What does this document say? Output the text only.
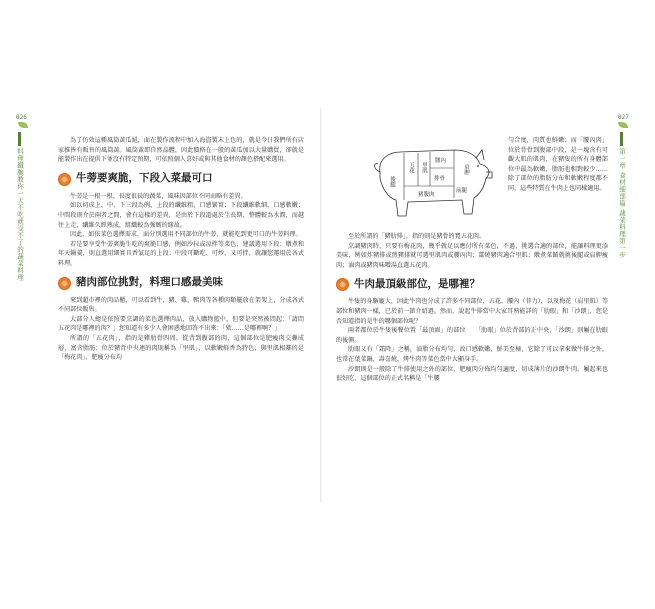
026
料理鐵腕教你一天不吃就受不了的蔬菜料理

為了仿效這種風筒黃瓜絕，面在製作流程中加入海盜製末上色的，就是今日我們所有店家推皆有販售的風筒黃。風筒黃即自然晶體，因此價格在一般的黃瓜加以大量購買，卻就是能製作出在提供下並沒有特定預期，可依照個人喜好或與其他食材的顏色搭配來選用。

牛蒡要爽脆，下段入菜最可口

牛蒡是一根一根、長度很長的蔬菜，風味因部位不同而略有差異。

如以切成上、中、下三段為例，上段的纖維粗，口感緊實；下段纖維軟細，口感軟嫩；中間段則介於兩者之間，會有這樣的差異，是由於下段還處於生長期，整體較為水潤，而越往上走，纖維久經熟成，組織較為強韌的緣故。

因此，如依菜色選擇需求，面分別選用不同部位的牛蒡，就能吃到更可口的牛蒡料理。

若是要享受牛蒡爽脆生吃的爽脆口感，例如沙拉或涼拌等菜色，建議選用下段；燉煮和年天鍋羹，則直選用細實具香氣足的上段；中段可斷吃、可炒、又可拌，就讓您運用於各式料理。

豬肉部位挑對，料理口感最美味

來到超市裡的肉品櫃，可以看到牛、豬、雞、鴨肉等各種肉類擺放在架架上，分成各式不同部位販售。

大部分人總是依照要烹調的菜色選擇肉品，放入購物籃中，但要是突然被問起：「請問五花肉是哪裡的肉？」您知道有多少人會困惑地回答不出來：「欸……是哪裡啊？」

所謂的「五花肉」，指的是豬肋骨四周，從背到腹部的肉，這個部位是肥瘦肉交疊成層，富含脂肪；位於豬背中央連的肉則稱為「里肌」，以軟嫩鮮香為特色；與里肌相鄰的是「梅花肉」，肥瘦分布均

027
第一章 食材細部篇 蔬菜料理第一步
後腿
五花 里肌
腰內
排骨
肩胛
豬腹肉
前腿

勻合度，肉質也鮮嫩；而「腰內肉」位於背骨到腹部中段，是一塊含有可觀大肌的肌肉，在豬隻的所有身體部位中最為軟嫩，脂肪也相對較少……除了部位的脂肪分布和軟嫩程度都不同，這些特質在牛肉上也同樣適用。

至於所謂的「豬肋排」，指的則是豬骨的寬五花肉。

烹調豬肉時，只要有梅花肉，幾乎就足以應付所有菜色，不過，挑選合適的部位，能讓料理更添美味，例如炸豬排或煎豬排就可選里肌肉或腰內肉；薑燒豬肉適合里肌；燉煮菜餚就挑後腿或肩胛瘦肉；滷肉或豬肉味噌湯直選五花肉。

牛肉最頂級部位，是哪裡？

牛隻的身驅龐大，因此牛肉也分成了許多不同部位，五花、腰內（菲力），以及梅花（肩里肌）等部位和豬肉一樣，已於前一節介紹過。然而，說起牛排當中大家耳熟能詳的「肋眼」和「沙朗」，您是否知道指的是牛的哪個部位呢？

兩者都位於牛隻後餐位置「最頂級」的部位　　「肋眼」位於背部的正中央，「沙朗」則屬在肋眼的後側。

肋眼又有「霜降」之稱，油脂分布均勻，故口感軟嫩，鮮美至極，它除了可以拿來做牛排之外，也常在葉菜鍋、壽喜燒、烤牛肉等菜色當中大顯身手。

沙朗則是一般除了牛排使用之外的部位，肥瘦肉分佈均勻適度，切成薄片的沙朗牛肉，屬起來也很好吃，這個部位的正式名稱是「牛腰
